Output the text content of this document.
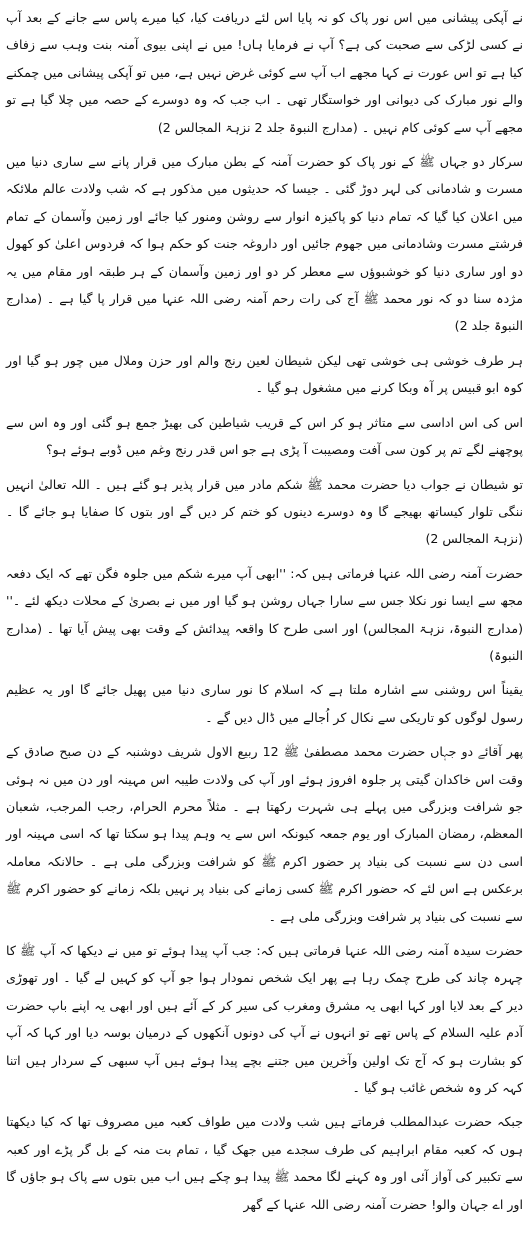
نے آپکی پیشانی میں اس نور پاک کو نہ پایا اس لئے دریافت کیا، کیا میرے پاس سے جانے کے بعد آپ نے کسی لڑکی سے صحبت کی ہے؟ آپ نے فرمایا ہاں! میں نے اپنی بیوی آمنہ بنت وہب سے زفاف کیا ہے تو اس عورت نے کہا مجھے اب آپ سے کوئی غرض نہیں ہے، میں تو آپکی پیشانی میں چمکنے والے نور مبارک کی دیوانی اور خواستگار تھی ۔ اب جب کہ وہ دوسرے کے حصہ میں چلا گیا ہے تو مجھے آپ سے کوئی کام نہیں ۔ (مدارج النبوۃ جلد 2 نزہۃ المجالس 2)

سرکار دو جہاں ﷺ کے نور پاک کو حضرت آمنہ کے بطن مبارک میں قرار پانے سے ساری دنیا میں مسرت و شادمانی کی لہر دوڑ گئی ۔ جیسا کہ حدیثوں میں مذکور ہے کہ شب ولادت عالم ملائکہ میں اعلان کیا گیا کہ تمام دنیا کو پاکیزہ انوار سے روشن ومنور کیا جائے اور زمین وآسمان کے تمام فرشتے مسرت وشادمانی میں جھوم جائیں اور داروغہ جنت کو حکم ہوا کہ فردوس اعلیٰ کو کھول دو اور ساری دنیا کو خوشبوؤں سے معطر کر دو اور زمین وآسمان کے ہر طبقہ اور مقام میں یہ مژدہ سنا دو کہ نور محمد ﷺ آج کی رات رحم آمنہ رضی اللہ عنہا میں قرار پا گیا ہے ۔ (مدارج النبوۃ جلد 2)

ہر طرف خوشی ہی خوشی تھی لیکن شیطان لعین رنج والم اور حزن وملال میں چور ہو گیا اور کوہ ابو قبیس پر آہ وبکا کرنے میں مشغول ہو گیا ۔

اس کی اس اداسی سے متاثر ہو کر اس کے قریب شیاطین کی بھیڑ جمع ہو گئی اور وہ اس سے پوچھنے لگے تم پر کون سی آفت ومصیبت آ پڑی ہے جو اس قدر رنج وغم میں ڈوبے ہوئے ہو؟

تو شیطان نے جواب دیا حضرت محمد ﷺ شکم مادر میں قرار پذیر ہو گئے ہیں ۔ اللہ تعالیٰ انہیں ننگی تلوار کیساتھ بھیجے گا وہ دوسرے دینوں کو ختم کر دیں گے اور بتوں کا صفایا ہو جائے گا ۔ (نزہۃ المجالس 2)

حضرت آمنہ رضی اللہ عنہا فرماتی ہیں کہ: ''ابھی آپ میرے شکم میں جلوہ فگن تھے کہ ایک دفعہ مجھ سے ایسا نور نکلا جس سے سارا جہاں روشن ہو گیا اور میں نے بصریٰ کے محلات دیکھ لئے ۔'' (مدارج النبوۃ، نزہۃ المجالس) اور اسی طرح کا واقعہ پیدائش کے وقت بھی پیش آیا تھا ۔ (مدارج النبوۃ)

یقیناً اس روشنی سے اشارہ ملتا ہے کہ اسلام کا نور ساری دنیا میں پھیل جائے گا اور یہ عظیم رسول لوگوں کو تاریکی سے نکال کر اُجالے میں ڈال دیں گے ۔

پھر آقائے دو جہاں حضرت محمد مصطفیٰ ﷺ 12 ربیع الاول شریف دوشنبہ کے دن صبح صادق کے وقت اس خاکدان گیتی پر جلوہ افروز ہوئے اور آپ کی ولادت طیبہ اس مہینہ اور دن میں نہ ہوئی جو شرافت وبزرگی میں پہلے ہی شہرت رکھتا ہے ۔ مثلاً محرم الحرام، رجب المرجب، شعبان المعظم، رمضان المبارک اور یوم جمعہ کیونکہ اس سے یہ وہم پیدا ہو سکتا تھا کہ اسی مہینہ اور اسی دن سے نسبت کی بنیاد پر حضور اکرم ﷺ کو شرافت وبزرگی ملی ہے ۔ حالانکہ معاملہ برعکس ہے اس لئے کہ حضور اکرم ﷺ کسی زمانے کی بنیاد پر نہیں بلکہ زمانے کو حضور اکرم ﷺ سے نسبت کی بنیاد پر شرافت وبزرگی ملی ہے ۔

حضرت سیدہ آمنہ رضی اللہ عنہا فرماتی ہیں کہ: جب آپ پیدا ہوئے تو میں نے دیکھا کہ آپ ﷺ کا چہرہ چاند کی طرح چمک رہا ہے پھر ایک شخص نمودار ہوا جو آپ کو کہیں لے گیا ۔ اور تھوڑی دیر کے بعد لایا اور کہا ابھی یہ مشرق ومغرب کی سیر کر کے آئے ہیں اور ابھی یہ اپنے باپ حضرت آدم علیہ السلام کے پاس تھے تو انہوں نے آپ کی دونوں آنکھوں کے درمیان بوسہ دیا اور کہا کہ آپ کو بشارت ہو کہ آج تک اولین وآخرین میں جتنے بچے پیدا ہوئے ہیں آپ سبھی کے سردار ہیں اتنا کہہ کر وہ شخص غائب ہو گیا ۔

جبکہ حضرت عبدالمطلب فرماتے ہیں شب ولادت میں طواف کعبہ میں مصروف تھا کہ کیا دیکھتا ہوں کہ کعبہ مقام ابراہیم کی طرف سجدے میں جھک گیا ، تمام بت منہ کے بل گر پڑے اور کعبہ سے تکبیر کی آواز آئی اور وہ کہنے لگا محمد ﷺ پیدا ہو چکے ہیں اب میں بتوں سے پاک ہو جاؤں گا اور اے جہان والو! حضرت آمنہ رضی اللہ عنہا کے گھر
